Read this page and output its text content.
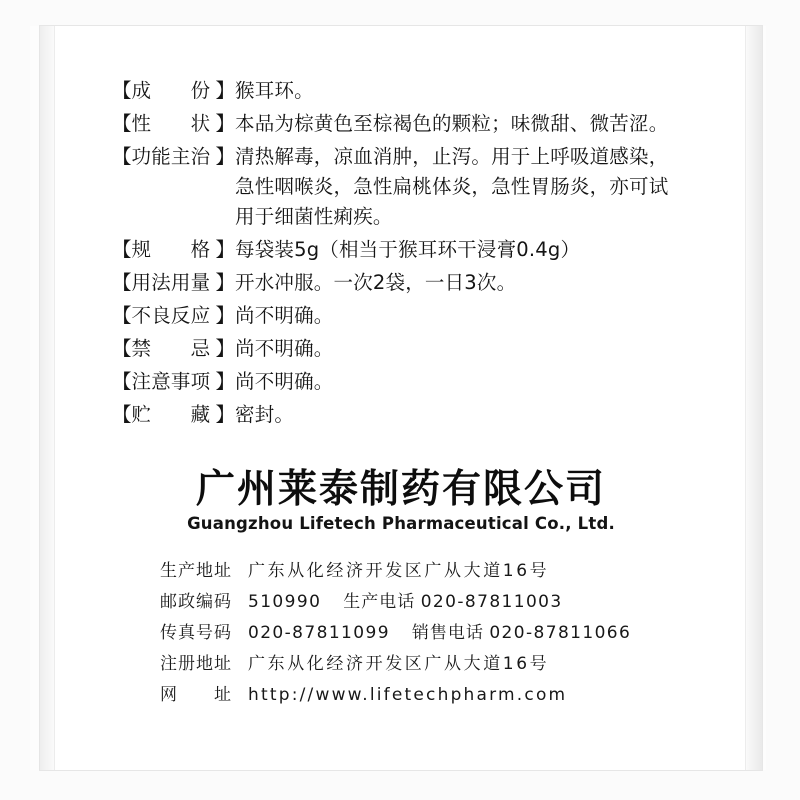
【 成　　份 】 猴耳环。
【 性　　状 】 本品为棕黄色至棕褐色的颗粒；味微甜、微苦涩。
【 功能主治 】 清热解毒，凉血消肿，止泻。用于上呼吸道感染，
急性咽喉炎，急性扁桃体炎，急性胃肠炎，亦可试
用于细菌性痢疾。
【 规　　格 】 每袋装5g（相当于猴耳环干浸膏0.4g）
【 用法用量 】 开水冲服。一次2袋，一日3次。
【 不良反应 】 尚不明确。
【 禁　　忌 】 尚不明确。
【 注意事项 】 尚不明确。
【 贮　　藏 】 密封。
广州莱泰制药有限公司
Guangzhou Lifetech Pharmaceutical Co., Ltd.
生产地址 广东从化经济开发区广从大道16号
邮政编码 510990 生产电话 020-87811003
传真号码 020-87811099 销售电话 020-87811066
注册地址 广东从化经济开发区广从大道16号
网　　址 http://www.lifetechpharm.com
